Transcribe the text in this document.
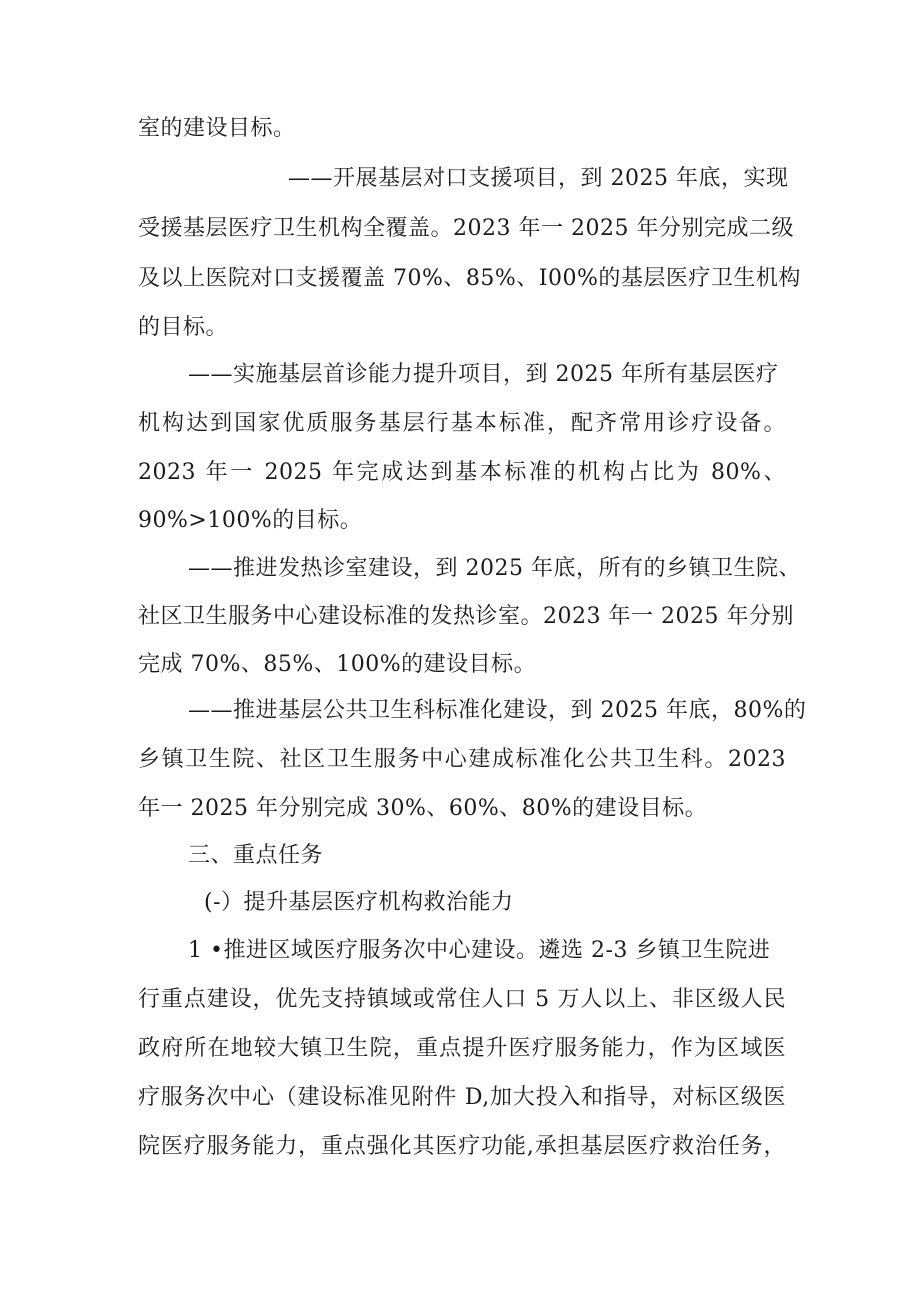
室的建设目标。
——开展基层对口支援项目，到 2025 年底，实现
受援基层医疗卫生机构全覆盖。2023 年一 2025 年分别完成二级
及以上医院对口支援覆盖 70%、85%、I00%的基层医疗卫生机构
的目标。
——实施基层首诊能力提升项目，到 2025 年所有基层医疗
机构达到国家优质服务基层行基本标准，配齐常用诊疗设备。
2023 年一 2025 年完成达到基本标准的机构占比为 80%、
90%>100%的目标。
——推进发热诊室建设，到 2025 年底，所有的乡镇卫生院、
社区卫生服务中心建设标准的发热诊室。2023 年一 2025 年分别
完成 70%、85%、100%的建设目标。
——推进基层公共卫生科标准化建设，到 2025 年底，80%的
乡镇卫生院、社区卫生服务中心建成标准化公共卫生科。2023
年一 2025 年分别完成 30%、60%、80%的建设目标。
三、重点任务
(-）提升基层医疗机构救治能力
1 •推进区域医疗服务次中心建设。遴选 2-3 乡镇卫生院进
行重点建设，优先支持镇域或常住人口 5 万人以上、非区级人民
政府所在地较大镇卫生院，重点提升医疗服务能力，作为区域医
疗服务次中心（建设标准见附件 D,加大投入和指导，对标区级医
院医疗服务能力，重点强化其医疗功能,承担基层医疗救治任务，
